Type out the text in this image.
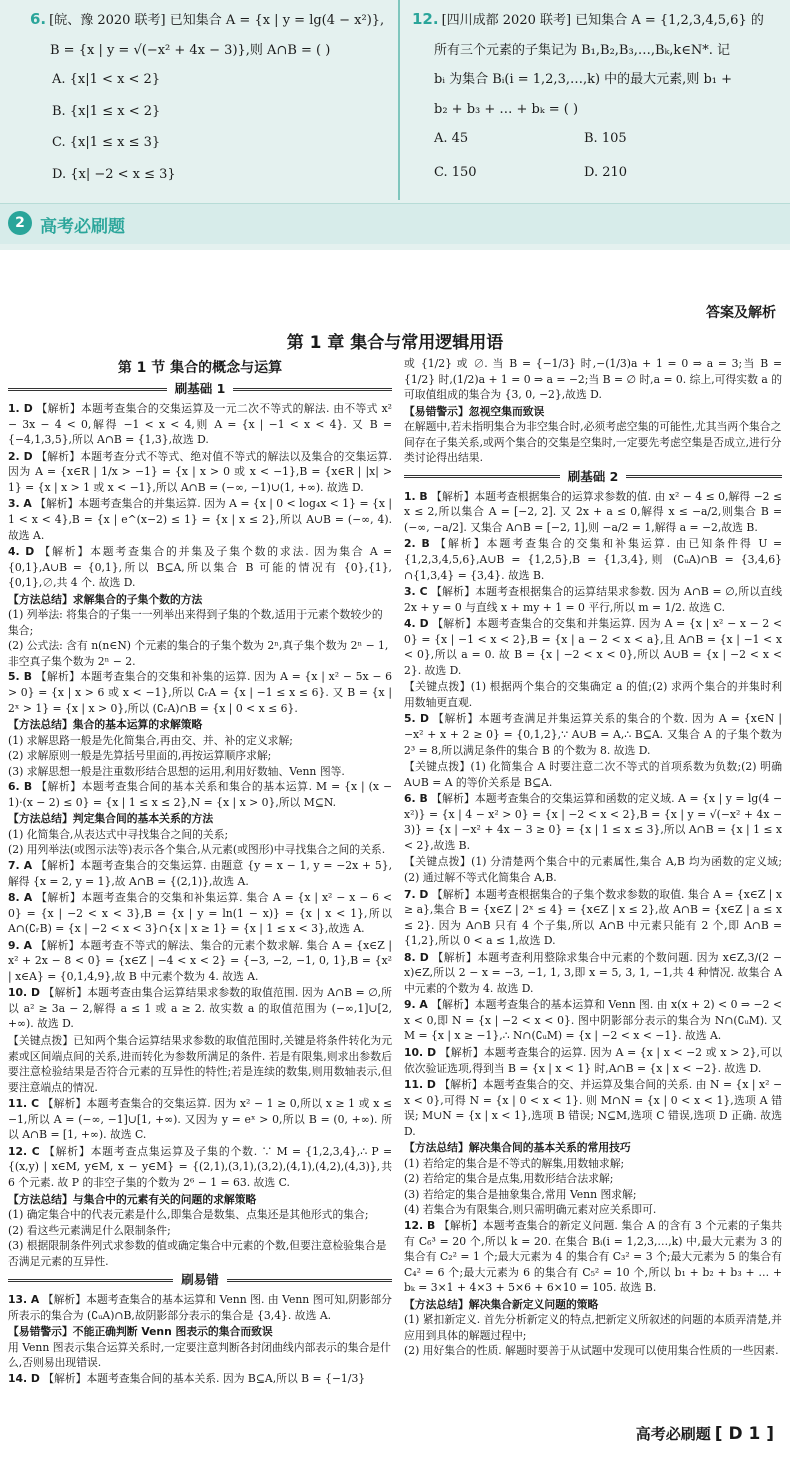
6. [皖、豫 2020 联考] 已知集合 A = {x | y = lg(4 − x²)},
B = {x | y = √(−x² + 4x − 3)},则 A∩B = ( )
A. {x|1 < x < 2}
B. {x|1 ≤ x < 2}
C. {x|1 ≤ x ≤ 3}
D. {x| −2 < x ≤ 3}
12. [四川成都 2020 联考] 已知集合 A = {1,2,3,4,5,6} 的
所有三个元素的子集记为 B₁,B₂,B₃,…,Bₖ,k∈N*. 记
bᵢ 为集合 Bᵢ(i = 1,2,3,…,k) 中的最大元素,则 b₁ +
b₂ + b₃ + … + bₖ = ( )
A. 45	B. 105
C. 150	D. 210
2 高考必刷题
答案及解析
第 1 章 集合与常用逻辑用语
第 1 节 集合的概念与运算
刷基础 1
1. D 【解析】本题考查集合的交集运算及一元二次不等式的解法. 由不等式 x² − 3x − 4 < 0,解得 −1 < x < 4,则 A = {x | −1 < x < 4}. 又 B = {−4,1,3,5},所以 A∩B = {1,3},故选 D.
2. D 【解析】本题考查分式不等式、绝对值不等式的解法以及集合的交集运算. 因为 A = {x∈R | 1/x > −1} = {x | x > 0 或 x < −1},B = {x∈R | |x| > 1} = {x | x > 1 或 x < −1},所以 A∩B = (−∞, −1)∪(1, +∞). 故选 D.
3. A 【解析】本题考查集合的并集运算. 因为 A = {x | 0 < log₄x < 1} = {x | 1 < x < 4},B = {x | e^(x−2) ≤ 1} = {x | x ≤ 2},所以 A∪B = (−∞, 4). 故选 A.
4. D 【解析】本题考查集合的并集及子集个数的求法. 因为集合 A = {0,1},A∪B = {0,1},所以 B⊆A,所以集合 B 可能的情况有 {0},{1},{0,1},∅,共 4 个. 故选 D.
【方法总结】求解集合的子集个数的方法
(1) 列举法: 将集合的子集一一列举出来得到子集的个数,适用于元素个数较少的集合;
(2) 公式法: 含有 n(n∈N) 个元素的集合的子集个数为 2ⁿ,真子集个数为 2ⁿ − 1,非空真子集个数为 2ⁿ − 2.
5. B 【解析】本题考查集合的交集和补集的运算. 因为 A = {x | x² − 5x − 6 > 0} = {x | x > 6 或 x < −1},所以 ∁ᵣA = {x | −1 ≤ x ≤ 6}. 又 B = {x | 2ˣ > 1} = {x | x > 0},所以 (∁ᵣA)∩B = {x | 0 < x ≤ 6}.
【方法总结】集合的基本运算的求解策略
(1) 求解思路一般是先化简集合,再由交、并、补的定义求解;
(2) 求解原则一般是先算括号里面的,再按运算顺序求解;
(3) 求解思想一般是注重数形结合思想的运用,利用好数轴、Venn 图等.
6. B 【解析】本题考查集合间的基本关系和集合的基本运算. M = {x | (x − 1)·(x − 2) ≤ 0} = {x | 1 ≤ x ≤ 2},N = {x | x > 0},所以 M⊆N.
【方法总结】判定集合间的基本关系的方法
(1) 化简集合,从表达式中寻找集合之间的关系;
(2) 用列举法(或图示法等)表示各个集合,从元素(或图形)中寻找集合之间的关系.
7. A 【解析】本题考查集合的交集运算. 由题意 {y = x − 1, y = −2x + 5},解得 {x = 2, y = 1},故 A∩B = {(2,1)},故选 A.
8. A 【解析】本题考查集合的交集和补集运算. 集合 A = {x | x² − x − 6 < 0} = {x | −2 < x < 3},B = {x | y = ln(1 − x)} = {x | x < 1},所以 A∩(∁ᵣB) = {x | −2 < x < 3}∩{x | x ≥ 1} = {x | 1 ≤ x < 3},故选 A.
9. A 【解析】本题考查不等式的解法、集合的元素个数求解. 集合 A = {x∈Z | x² + 2x − 8 < 0} = {x∈Z | −4 < x < 2} = {−3, −2, −1, 0, 1},B = {x² | x∈A} = {0,1,4,9},故 B 中元素个数为 4. 故选 A.
10. D 【解析】本题考查由集合运算结果求参数的取值范围. 因为 A∩B = ∅,所以 a² ≥ 3a − 2,解得 a ≤ 1 或 a ≥ 2. 故实数 a 的取值范围为 (−∞,1]∪[2, +∞). 故选 D.
【关键点拨】已知两个集合运算结果求参数的取值范围时,关键是将条件转化为元素或区间端点间的关系,进而转化为参数所满足的条件. 若是有限集,则求出参数后要注意检验结果是否符合元素的互异性的特性;若是连续的数集,则用数轴表示,但要注意端点的情况.
11. C 【解析】本题考查集合的交集运算. 因为 x² − 1 ≥ 0,所以 x ≥ 1 或 x ≤ −1,所以 A = (−∞, −1]∪[1, +∞). 又因为 y = eˣ > 0,所以 B = (0, +∞). 所以 A∩B = [1, +∞). 故选 C.
12. C 【解析】本题考查点集运算及子集的个数. ∵ M = {1,2,3,4},∴ P = {(x,y) | x∈M, y∈M, x − y∈M} = {(2,1),(3,1),(3,2),(4,1),(4,2),(4,3)},共 6 个元素. 故 P 的非空子集的个数为 2⁶ − 1 = 63. 故选 C.
【方法总结】与集合中的元素有关的问题的求解策略
(1) 确定集合中的代表元素是什么,即集合是数集、点集还是其他形式的集合;
(2) 看这些元素满足什么限制条件;
(3) 根据限制条件列式求参数的值或确定集合中元素的个数,但要注意检验集合是否满足元素的互异性.
刷易错
13. A 【解析】本题考查集合的基本运算和 Venn 图. 由 Venn 图可知,阴影部分所表示的集合为 (∁ᵤA)∩B,故阴影部分表示的集合是 {3,4}. 故选 A.
【易错警示】不能正确判断 Venn 图表示的集合而致误
用 Venn 图表示集合运算关系时,一定要注意判断各封闭曲线内部表示的集合是什么,否则易出现错误.
14. D 【解析】本题考查集合间的基本关系. 因为 B⊆A,所以 B = {−1/3}
或 {1/2} 或 ∅. 当 B = {−1/3} 时,−(1/3)a + 1 = 0 ⇒ a = 3;当 B = {1/2} 时,(1/2)a + 1 = 0 ⇒ a = −2;当 B = ∅ 时,a = 0. 综上,可得实数 a 的可取值组成的集合为 {3, 0, −2},故选 D.
【易错警示】忽视空集而致误
在解题中,若未指明集合为非空集合时,必须考虑空集的可能性,尤其当两个集合之间存在子集关系,或两个集合的交集是空集时,一定要先考虑空集是否成立,进行分类讨论得出结果.
刷基础 2
1. B 【解析】本题考查根据集合的运算求参数的值. 由 x² − 4 ≤ 0,解得 −2 ≤ x ≤ 2,所以集合 A = [−2, 2]. 又 2x + a ≤ 0,解得 x ≤ −a/2,则集合 B = (−∞, −a/2]. 又集合 A∩B = [−2, 1],则 −a/2 = 1,解得 a = −2,故选 B.
2. B 【解析】本题考查集合的交集和补集运算. 由已知条件得 U = {1,2,3,4,5,6},A∪B = {1,2,5},B = {1,3,4},则 (∁ᵤA)∩B = {3,4,6}∩{1,3,4} = {3,4}. 故选 B.
3. C 【解析】本题考查根据集合的运算结果求参数. 因为 A∩B = ∅,所以直线 2x + y = 0 与直线 x + my + 1 = 0 平行,所以 m = 1/2. 故选 C.
4. D 【解析】本题考查集合的交集和并集运算. 因为 A = {x | x² − x − 2 < 0} = {x | −1 < x < 2},B = {x | a − 2 < x < a},且 A∩B = {x | −1 < x < 0},所以 a = 0. 故 B = {x | −2 < x < 0},所以 A∪B = {x | −2 < x < 2}. 故选 D.
【关键点拨】(1) 根据两个集合的交集确定 a 的值;(2) 求两个集合的并集时利用数轴更直观.
5. D 【解析】本题考查满足并集运算关系的集合的个数. 因为 A = {x∈N | −x² + x + 2 ≥ 0} = {0,1,2},∵ A∪B = A,∴ B⊆A. 又集合 A 的子集个数为 2³ = 8,所以满足条件的集合 B 的个数为 8. 故选 D.
【关键点拨】(1) 化简集合 A 时要注意二次不等式的首项系数为负数;(2) 明确 A∪B = A 的等价关系是 B⊆A.
6. B 【解析】本题考查集合的交集运算和函数的定义域. A = {x | y = lg(4 − x²)} = {x | 4 − x² > 0} = {x | −2 < x < 2},B = {x | y = √(−x² + 4x − 3)} = {x | −x² + 4x − 3 ≥ 0} = {x | 1 ≤ x ≤ 3},所以 A∩B = {x | 1 ≤ x < 2},故选 B.
【关键点拨】(1) 分清楚两个集合中的元素属性,集合 A,B 均为函数的定义域;(2) 通过解不等式化简集合 A,B.
7. D 【解析】本题考查根据集合的子集个数求参数的取值. 集合 A = {x∈Z | x ≥ a},集合 B = {x∈Z | 2ˣ ≤ 4} = {x∈Z | x ≤ 2},故 A∩B = {x∈Z | a ≤ x ≤ 2}. 因为 A∩B 只有 4 个子集,所以 A∩B 中元素只能有 2 个,即 A∩B = {1,2},所以 0 < a ≤ 1,故选 D.
8. D 【解析】本题考查利用整除求集合中元素的个数问题. 因为 x∈Z,3/(2 − x)∈Z,所以 2 − x = −3, −1, 1, 3,即 x = 5, 3, 1, −1,共 4 种情况. 故集合 A 中元素的个数为 4. 故选 D.
9. A 【解析】本题考查集合的基本运算和 Venn 图. 由 x(x + 2) < 0 ⇒ −2 < x < 0,即 N = {x | −2 < x < 0}. 图中阴影部分表示的集合为 N∩(∁ᵤM). 又 M = {x | x ≥ −1},∴ N∩(∁ᵤM) = {x | −2 < x < −1}. 故选 A.
10. D 【解析】本题考查集合的运算. 因为 A = {x | x < −2 或 x > 2},可以依次验证选项,得到当 B = {x | x < 1} 时,A∩B = {x | x < −2}. 故选 D.
11. D 【解析】本题考查集合的交、并运算及集合间的关系. 由 N = {x | x² − x < 0},可得 N = {x | 0 < x < 1}. 则 M∩N = {x | 0 < x < 1},选项 A 错误; M∪N = {x | x < 1},选项 B 错误; N⊆M,选项 C 错误,选项 D 正确. 故选 D.
【方法总结】解决集合间的基本关系的常用技巧
(1) 若给定的集合是不等式的解集,用数轴求解;
(2) 若给定的集合是点集,用数形结合法求解;
(3) 若给定的集合是抽象集合,常用 Venn 图求解;
(4) 若集合为有限集合,则只需明确元素对应关系即可.
12. B 【解析】本题考查集合的新定义问题. 集合 A 的含有 3 个元素的子集共有 C₆³ = 20 个,所以 k = 20. 在集合 Bᵢ(i = 1,2,3,…,k) 中,最大元素为 3 的集合有 C₂² = 1 个;最大元素为 4 的集合有 C₃² = 3 个;最大元素为 5 的集合有 C₄² = 6 个;最大元素为 6 的集合有 C₅² = 10 个,所以 b₁ + b₂ + b₃ + … + bₖ = 3×1 + 4×3 + 5×6 + 6×10 = 105. 故选 B.
【方法总结】解决集合新定义问题的策略
(1) 紧扣新定义. 首先分析新定义的特点,把新定义所叙述的问题的本质弄清楚,并应用到具体的解题过程中;
(2) 用好集合的性质. 解题时要善于从试题中发现可以使用集合性质的一些因素.
高考必刷题 [ D 1 ]
